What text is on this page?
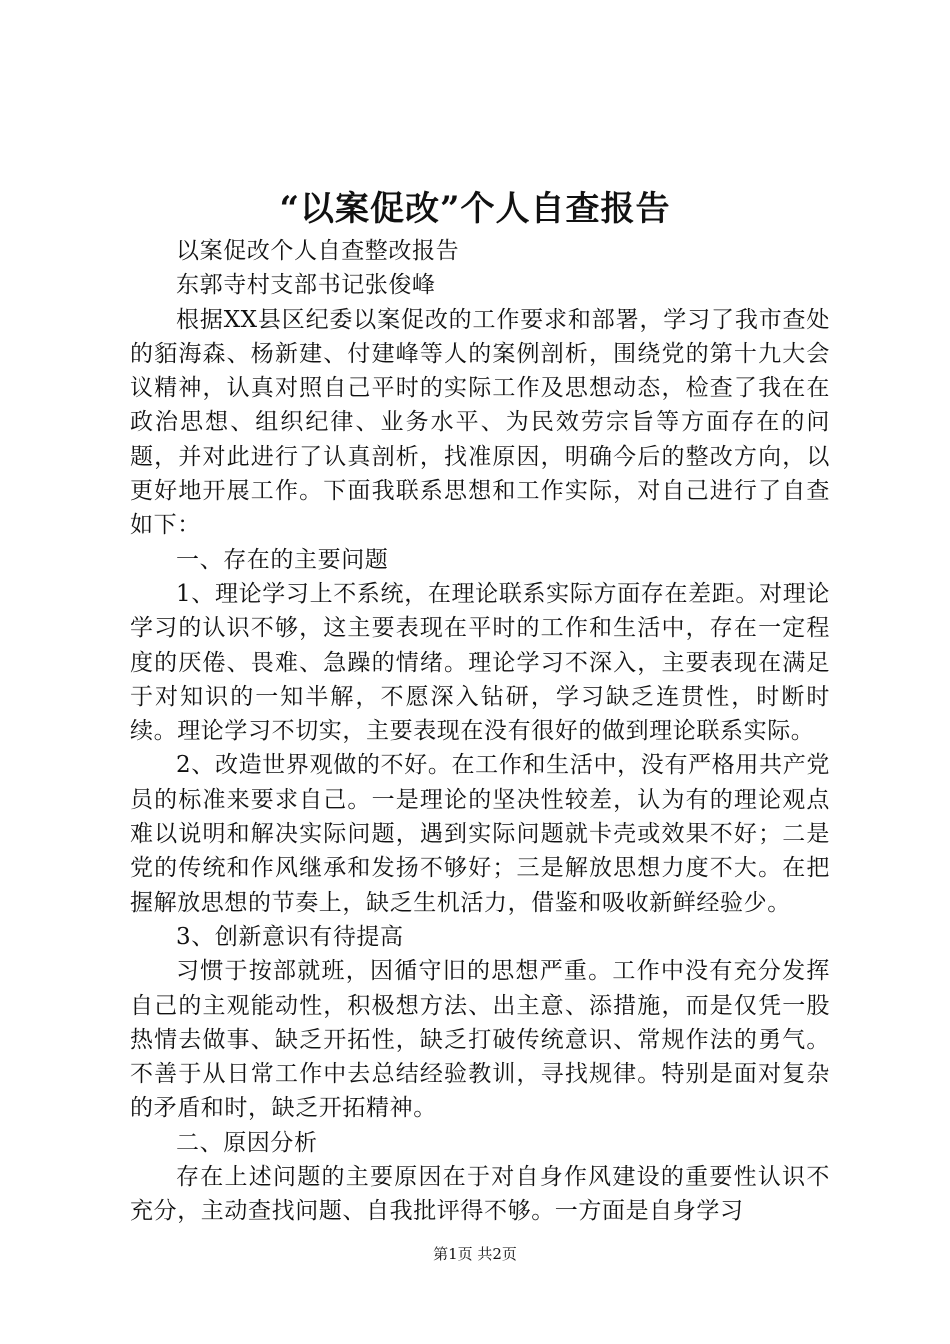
“以案促改”个人自查报告

以案促改个人自查整改报告

东郭寺村支部书记张俊峰

根据XX县区纪委以案促改的工作要求和部署，学习了我市查处的貊海森、杨新建、付建峰等人的案例剖析，围绕党的第十九大会议精神，认真对照自己平时的实际工作及思想动态，检查了我在在政治思想、组织纪律、业务水平、为民效劳宗旨等方面存在的问题，并对此进行了认真剖析，找准原因，明确今后的整改方向，以更好地开展工作。下面我联系思想和工作实际，对自己进行了自查如下：

一、存在的主要问题

1、理论学习上不系统，在理论联系实际方面存在差距。对理论学习的认识不够，这主要表现在平时的工作和生活中，存在一定程度的厌倦、畏难、急躁的情绪。理论学习不深入，主要表现在满足于对知识的一知半解，不愿深入钻研，学习缺乏连贯性，时断时续。理论学习不切实，主要表现在没有很好的做到理论联系实际。

2、改造世界观做的不好。在工作和生活中，没有严格用共产党员的标准来要求自己。一是理论的坚决性较差，认为有的理论观点难以说明和解决实际问题，遇到实际问题就卡壳或效果不好；二是党的传统和作风继承和发扬不够好；三是解放思想力度不大。在把握解放思想的节奏上，缺乏生机活力，借鉴和吸收新鲜经验少。

3、创新意识有待提高

习惯于按部就班，因循守旧的思想严重。工作中没有充分发挥自己的主观能动性，积极想方法、出主意、添措施，而是仅凭一股热情去做事、缺乏开拓性，缺乏打破传统意识、常规作法的勇气。不善于从日常工作中去总结经验教训，寻找规律。特别是面对复杂的矛盾和时，缺乏开拓精神。

二、原因分析

存在上述问题的主要原因在于对自身作风建设的重要性认识不充分，主动查找问题、自我批评得不够。一方面是自身学习

第1页 共2页
